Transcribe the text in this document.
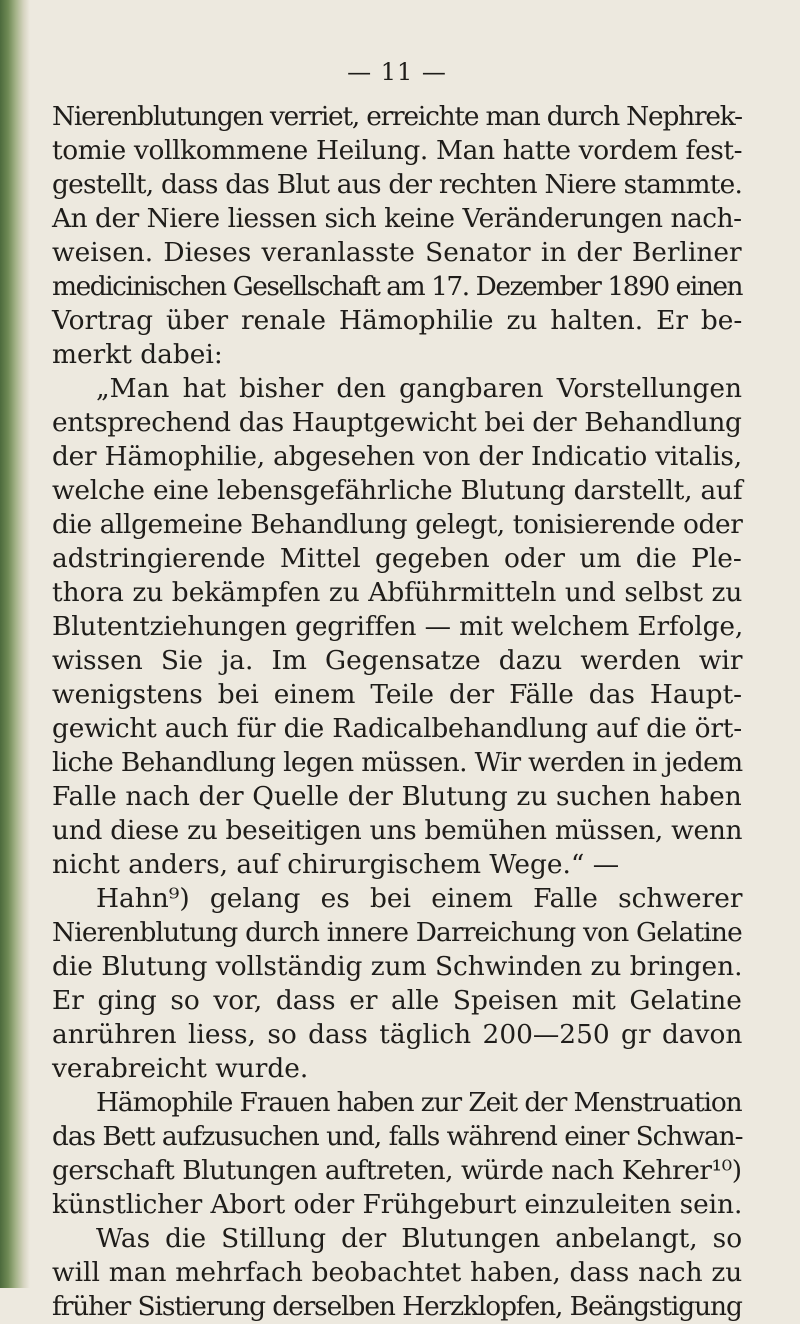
— 11 —
Nierenblutungen verriet, erreichte man durch Nephrek-
tomie vollkommene Heilung. Man hatte vordem fest-
gestellt, dass das Blut aus der rechten Niere stammte.
An der Niere liessen sich keine Veränderungen nach-
weisen. Dieses veranlasste Senator in der Berliner
medicinischen Gesellschaft am 17. Dezember 1890 einen
Vortrag über renale Hämophilie zu halten. Er be-
merkt dabei:
„Man hat bisher den gangbaren Vorstellungen
entsprechend das Hauptgewicht bei der Behandlung
der Hämophilie, abgesehen von der Indicatio vitalis,
welche eine lebensgefährliche Blutung darstellt, auf
die allgemeine Behandlung gelegt, tonisierende oder
adstringierende Mittel gegeben oder um die Ple-
thora zu bekämpfen zu Abführmitteln und selbst zu
Blutentziehungen gegriffen — mit welchem Erfolge,
wissen Sie ja. Im Gegensatze dazu werden wir
wenigstens bei einem Teile der Fälle das Haupt-
gewicht auch für die Radicalbehandlung auf die ört-
liche Behandlung legen müssen. Wir werden in jedem
Falle nach der Quelle der Blutung zu suchen haben
und diese zu beseitigen uns bemühen müssen, wenn
nicht anders, auf chirurgischem Wege.“ —
Hahn⁹) gelang es bei einem Falle schwerer
Nierenblutung durch innere Darreichung von Gelatine
die Blutung vollständig zum Schwinden zu bringen.
Er ging so vor, dass er alle Speisen mit Gelatine
anrühren liess, so dass täglich 200—250 gr davon
verabreicht wurde.
Hämophile Frauen haben zur Zeit der Menstruation
das Bett aufzusuchen und, falls während einer Schwan-
gerschaft Blutungen auftreten, würde nach Kehrer¹⁰)
künstlicher Abort oder Frühgeburt einzuleiten sein.
Was die Stillung der Blutungen anbelangt, so
will man mehrfach beobachtet haben, dass nach zu
früher Sistierung derselben Herzklopfen, Beängstigung
